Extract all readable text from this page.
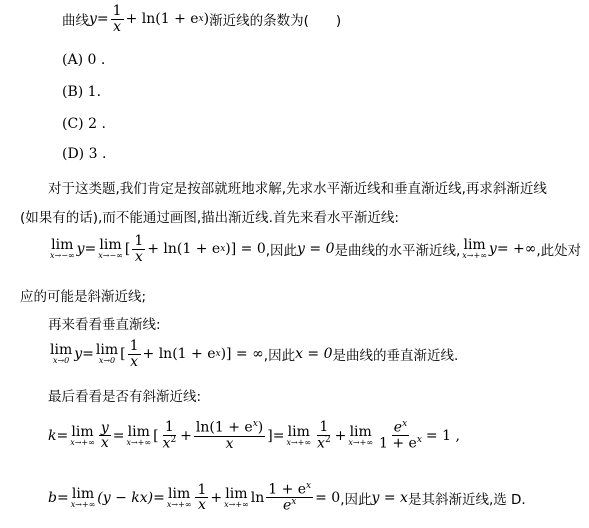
曲线 $y = \frac{1}{x} + \ln(1 + e$ x ) 渐近线的条数为(　　)
(A) 0 .
(B) 1.
(C) 2 .
(D) 3 .
对于这类题,我们肯定是按部就班地求解,先求水平渐近线和垂直渐近线,再求斜渐近线
(如果有的话),而不能通过画图,描出渐近线.首先来看水平渐近线:
lim
x→−∞ y = lim
x→−∞ [ $\frac{1}{x} + \ln(1 + e$ x )] = 0 ,因此 y = 0 是曲线的水平渐近线, lim
x→+∞ y = +∞ ,此处对
应的可能是斜渐近线;
再来看看垂直渐线:
lim
x→0 y = lim
x→0 [ $\frac{1}{x} + \ln(1 + e$ x )] = ∞ ,因此 x = 0 是曲线的垂直渐近线.
最后看看是否有斜渐近线:
k = lim
$x\to+\infty \frac{y}{x} = \lim$
x→+∞ [ $\frac{1}{x^2} + \frac{\ln(1 + e^x)}{x}$ ] = lim
$x\to+\infty \frac{1}{x^2} + \lim$
$x\to+\infty \frac{e^x}{1 + e^x} = 1$ ,
b = lim
x→+∞ (y − kx) = lim
$x\to+\infty \frac{1}{x} + \lim$
x→+∞ $\ln \frac{1 + e^x}{e^x} = 0$ ,因此 y = x 是其斜渐近线,选 D.
